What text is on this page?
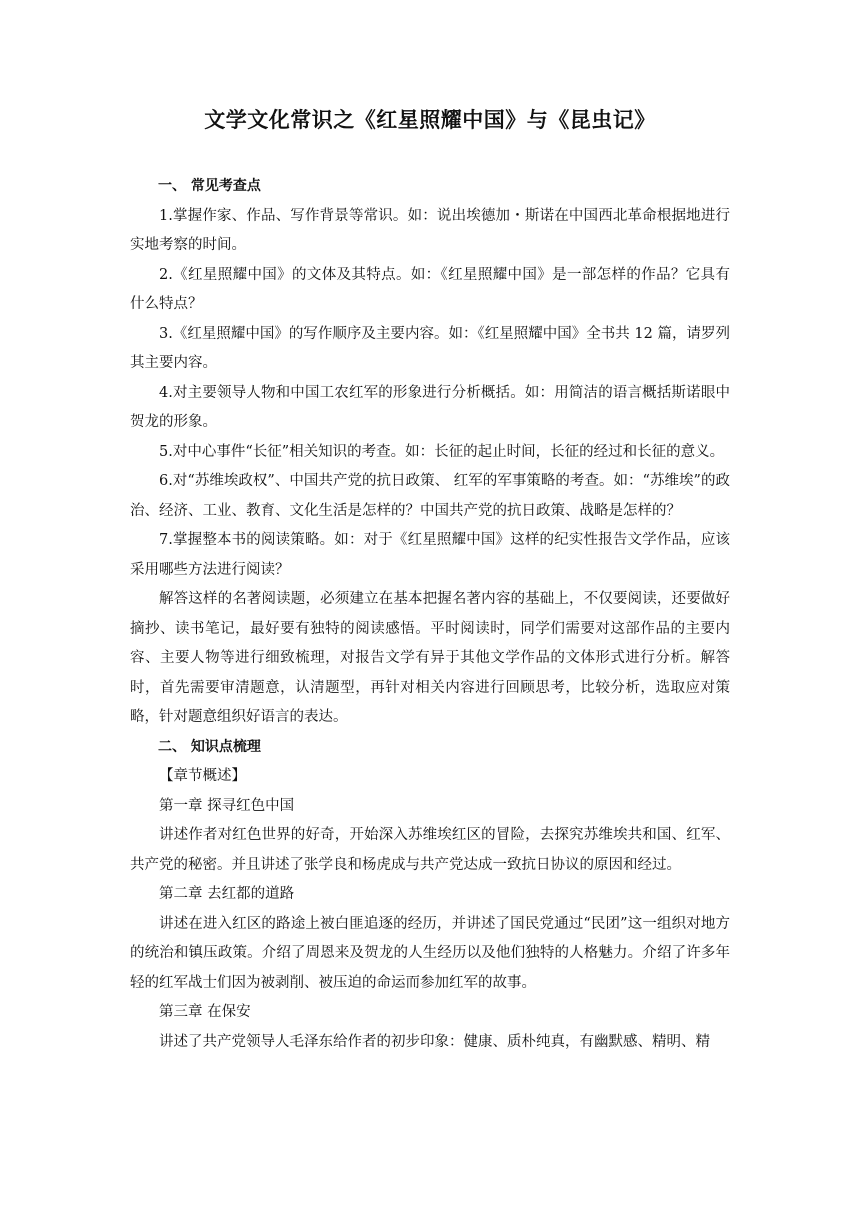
文学文化常识之《红星照耀中国》与《昆虫记》

一、 常见考查点

1.掌握作家、作品、写作背景等常识。如：说出埃德加・斯诺在中国西北革命根据地进行实地考察的时间。

2.《红星照耀中国》的文体及其特点。如：《红星照耀中国》是一部怎样的作品？它具有什么特点？

3.《红星照耀中国》的写作顺序及主要内容。如：《红星照耀中国》全书共 12 篇，请罗列其主要内容。

4.对主要领导人物和中国工农红军的形象进行分析概括。如：用简洁的语言概括斯诺眼中贺龙的形象。

5.对中心事件“长征”相关知识的考查。如：长征的起止时间，长征的经过和长征的意义。

6.对“苏维埃政权”、中国共产党的抗日政策、 红军的军事策略的考查。如：“苏维埃”的政治、经济、工业、教育、文化生活是怎样的？中国共产党的抗日政策、战略是怎样的？

7.掌握整本书的阅读策略。如：对于《红星照耀中国》这样的纪实性报告文学作品，应该采用哪些方法进行阅读？

解答这样的名著阅读题，必须建立在基本把握名著内容的基础上，不仅要阅读，还要做好摘抄、读书笔记，最好要有独特的阅读感悟。平时阅读时，同学们需要对这部作品的主要内容、主要人物等进行细致梳理，对报告文学有异于其他文学作品的文体形式进行分析。解答时，首先需要审清题意，认清题型，再针对相关内容进行回顾思考，比较分析，选取应对策略，针对题意组织好语言的表达。

二、 知识点梳理

【章节概述】

第一章 探寻红色中国

讲述作者对红色世界的好奇，开始深入苏维埃红区的冒险，去探究苏维埃共和国、红军、共产党的秘密。并且讲述了张学良和杨虎成与共产党达成一致抗日协议的原因和经过。

第二章 去红都的道路

讲述在进入红区的路途上被白匪追逐的经历，并讲述了国民党通过“民团”这一组织对地方的统治和镇压政策。介绍了周恩来及贺龙的人生经历以及他们独特的人格魅力。介绍了许多年轻的红军战士们因为被剥削、被压迫的命运而参加红军的故事。

第三章 在保安

讲述了共产党领导人毛泽东给作者的初步印象：健康、质朴纯真，有幽默感、精明、精
